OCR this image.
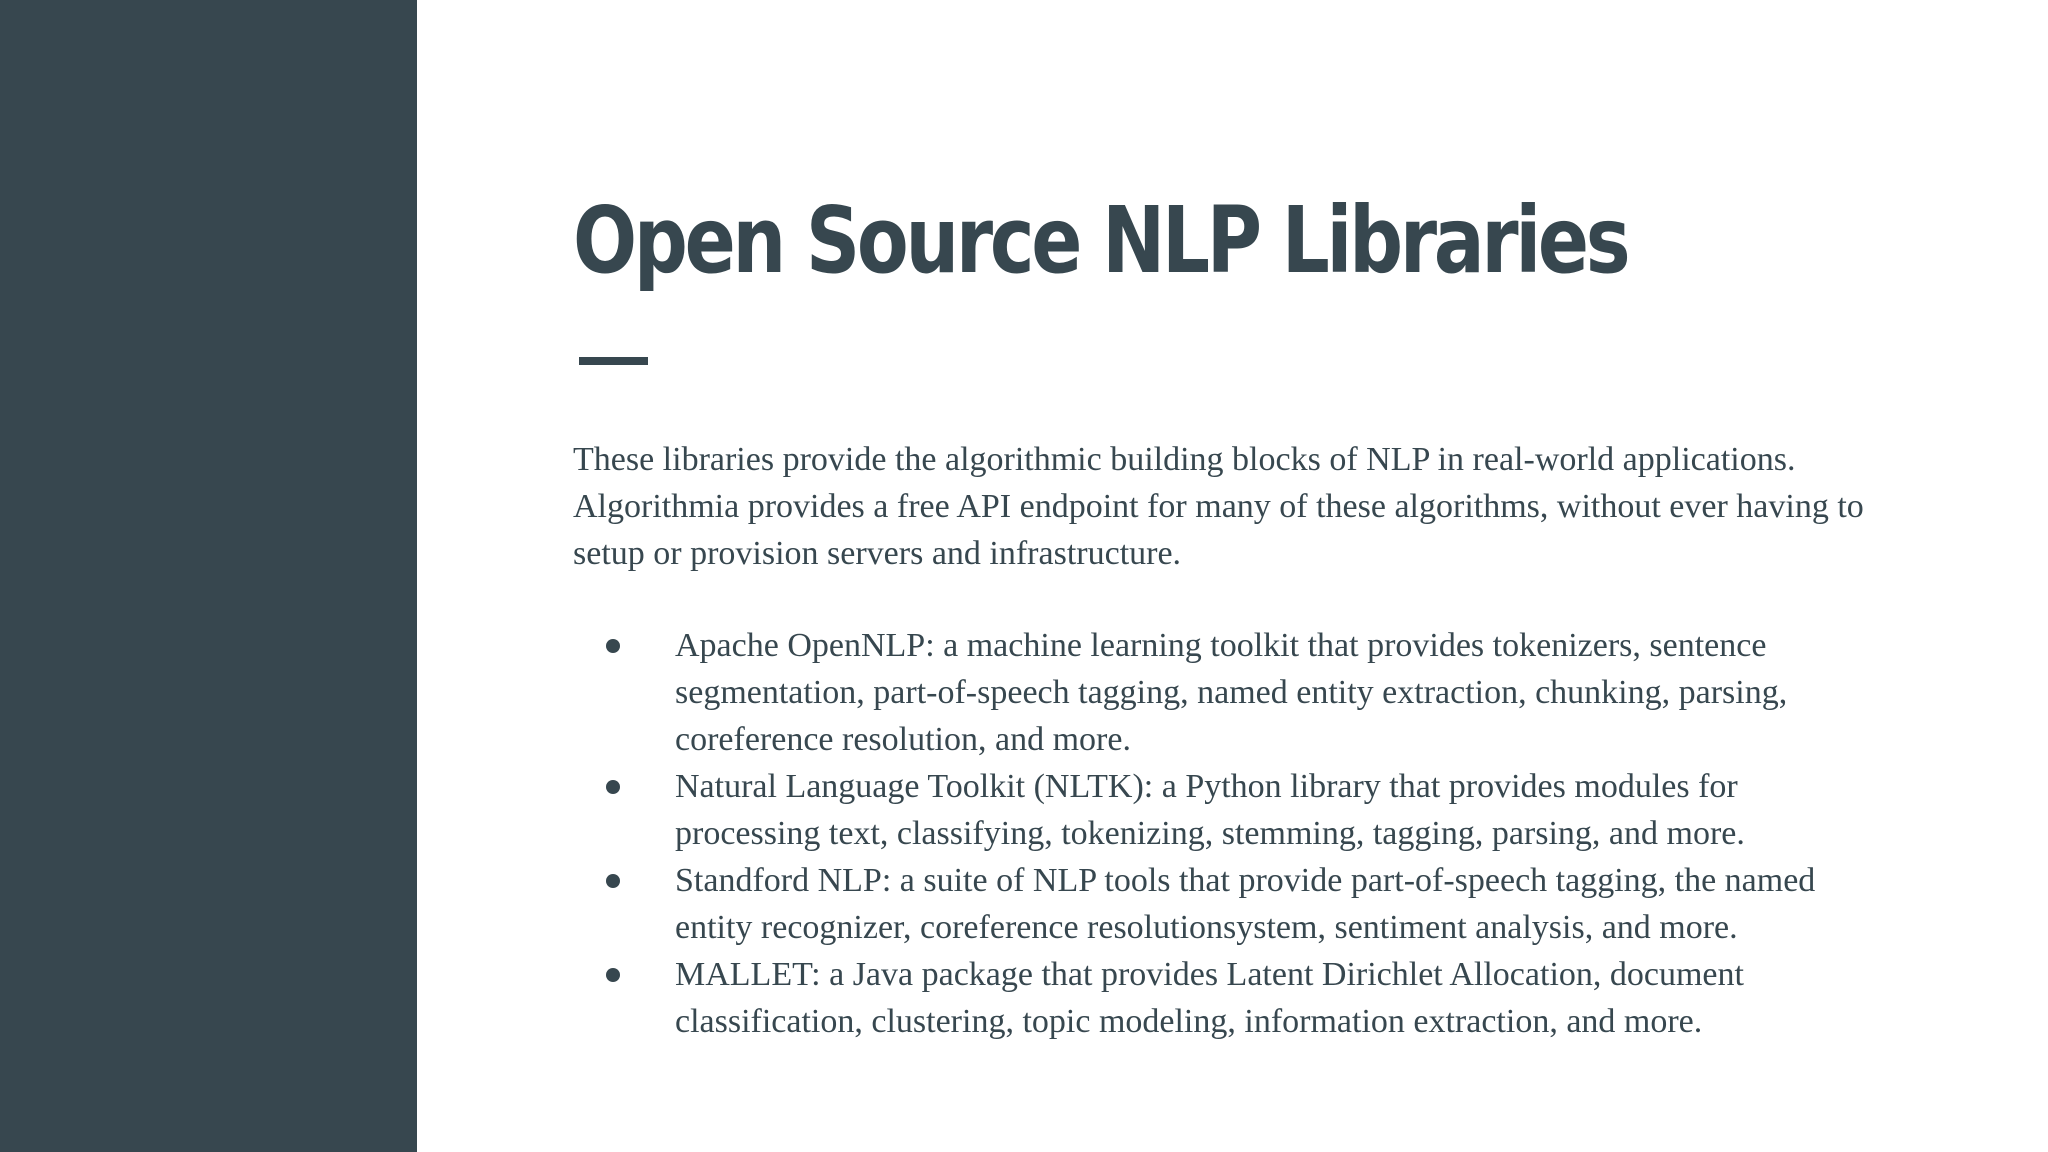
Open Source NLP Libraries

These libraries provide the algorithmic building blocks of NLP in real-world applications. Algorithmia provides a free API endpoint for many of these algorithms, without ever having to setup or provision servers and infrastructure.

Apache OpenNLP: a machine learning toolkit that provides tokenizers, sentence segmentation, part-of-speech tagging, named entity extraction, chunking, parsing, coreference resolution, and more.
Natural Language Toolkit (NLTK): a Python library that provides modules for processing text, classifying, tokenizing, stemming, tagging, parsing, and more.
Standford NLP: a suite of NLP tools that provide part-of-speech tagging, the named entity recognizer, coreference resolutionsystem, sentiment analysis, and more.
MALLET: a Java package that provides Latent Dirichlet Allocation, document classification, clustering, topic modeling, information extraction, and more.
